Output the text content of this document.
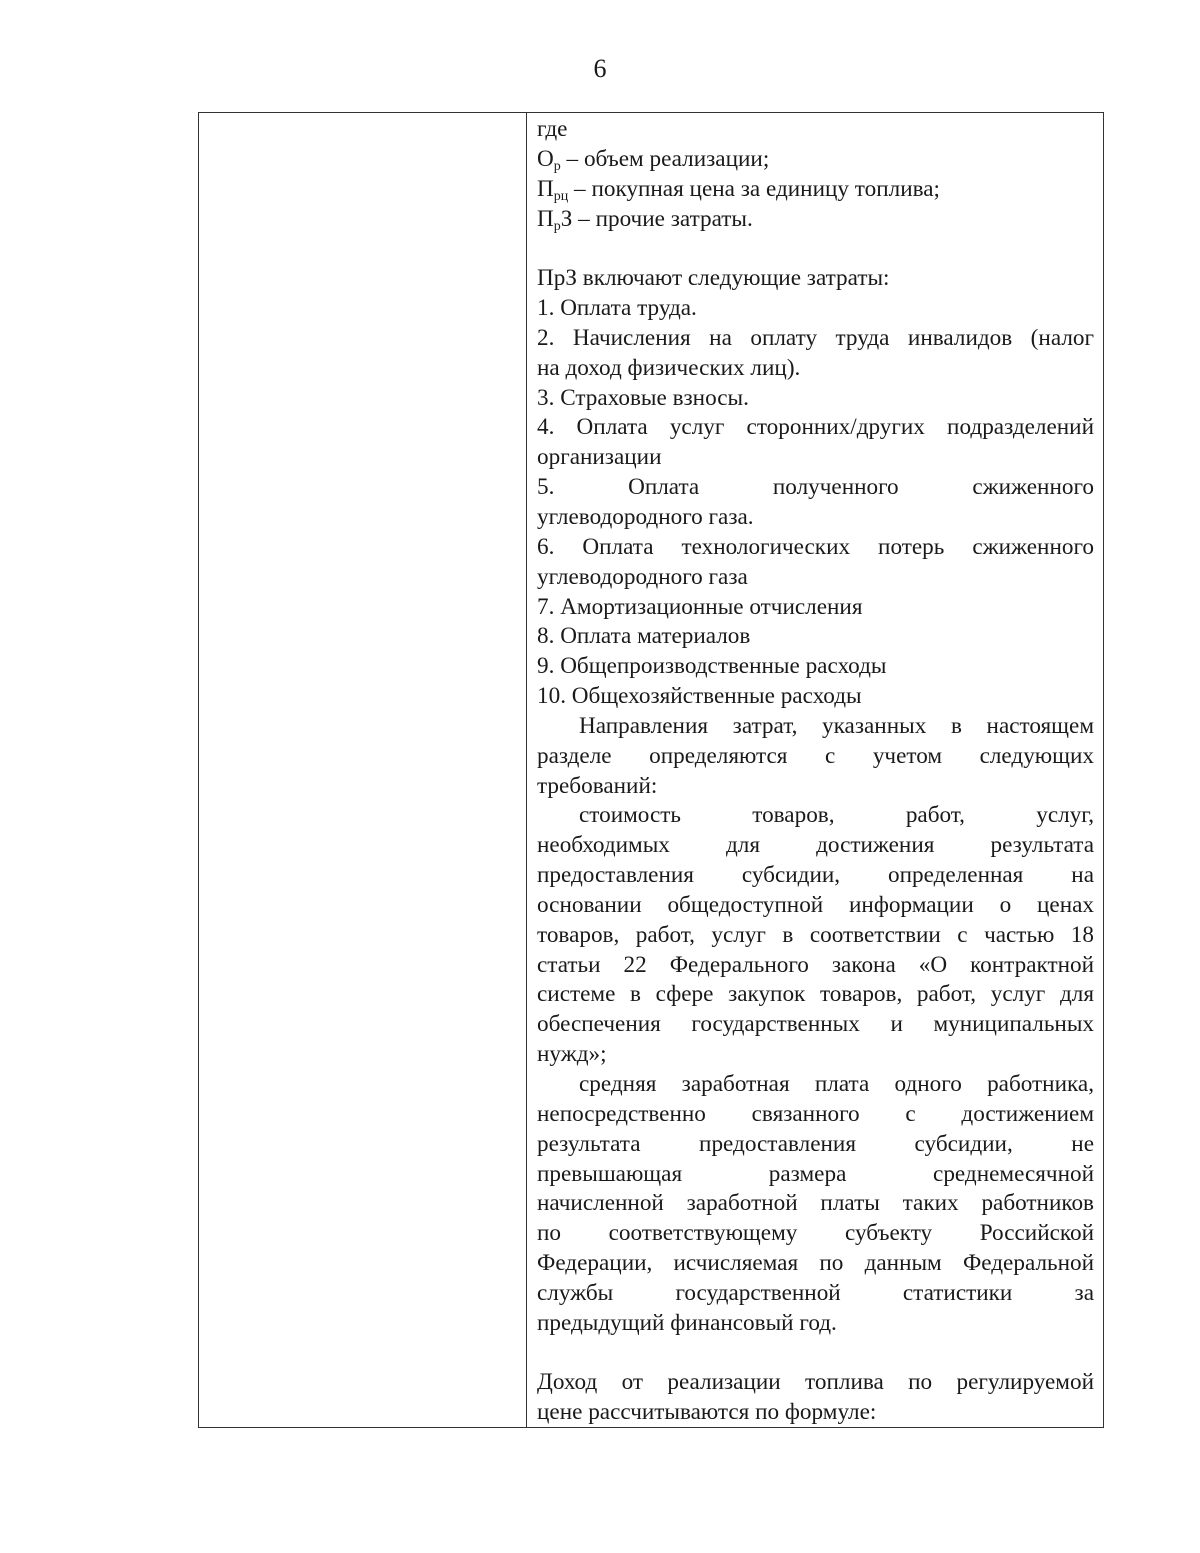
6
где
$О_р$ – объем реализации;
$П_{рц}$ – покупная цена за единицу топлива;
$П_рЗ$ – прочие затраты.
ПрЗ включают следующие затраты:
1. Оплата труда.
2. Начисления на оплату труда инвалидов (налог
на доход физических лиц).
3. Страховые взносы.
4. Оплата услуг сторонних/других подразделений
организации
5. Оплата полученного сжиженного
углеводородного газа.
6. Оплата технологических потерь сжиженного
углеводородного газа
7. Амортизационные отчисления
8. Оплата материалов
9. Общепроизводственные расходы
10. Общехозяйственные расходы
Направления затрат, указанных в настоящем
разделе определяются с учетом следующих
требований:
стоимость товаров, работ, услуг,
необходимых для достижения результата
предоставления субсидии, определенная на
основании общедоступной информации о ценах
товаров, работ, услуг в соответствии с частью 18
статьи 22 Федерального закона «О контрактной
системе в сфере закупок товаров, работ, услуг для
обеспечения государственных и муниципальных
нужд»;
средняя заработная плата одного работника,
непосредственно связанного с достижением
результата предоставления субсидии, не
превышающая размера среднемесячной
начисленной заработной платы таких работников
по соответствующему субъекту Российской
Федерации, исчисляемая по данным Федеральной
службы государственной статистики за
предыдущий финансовый год.
Доход от реализации топлива по регулируемой
цене рассчитываются по формуле:
